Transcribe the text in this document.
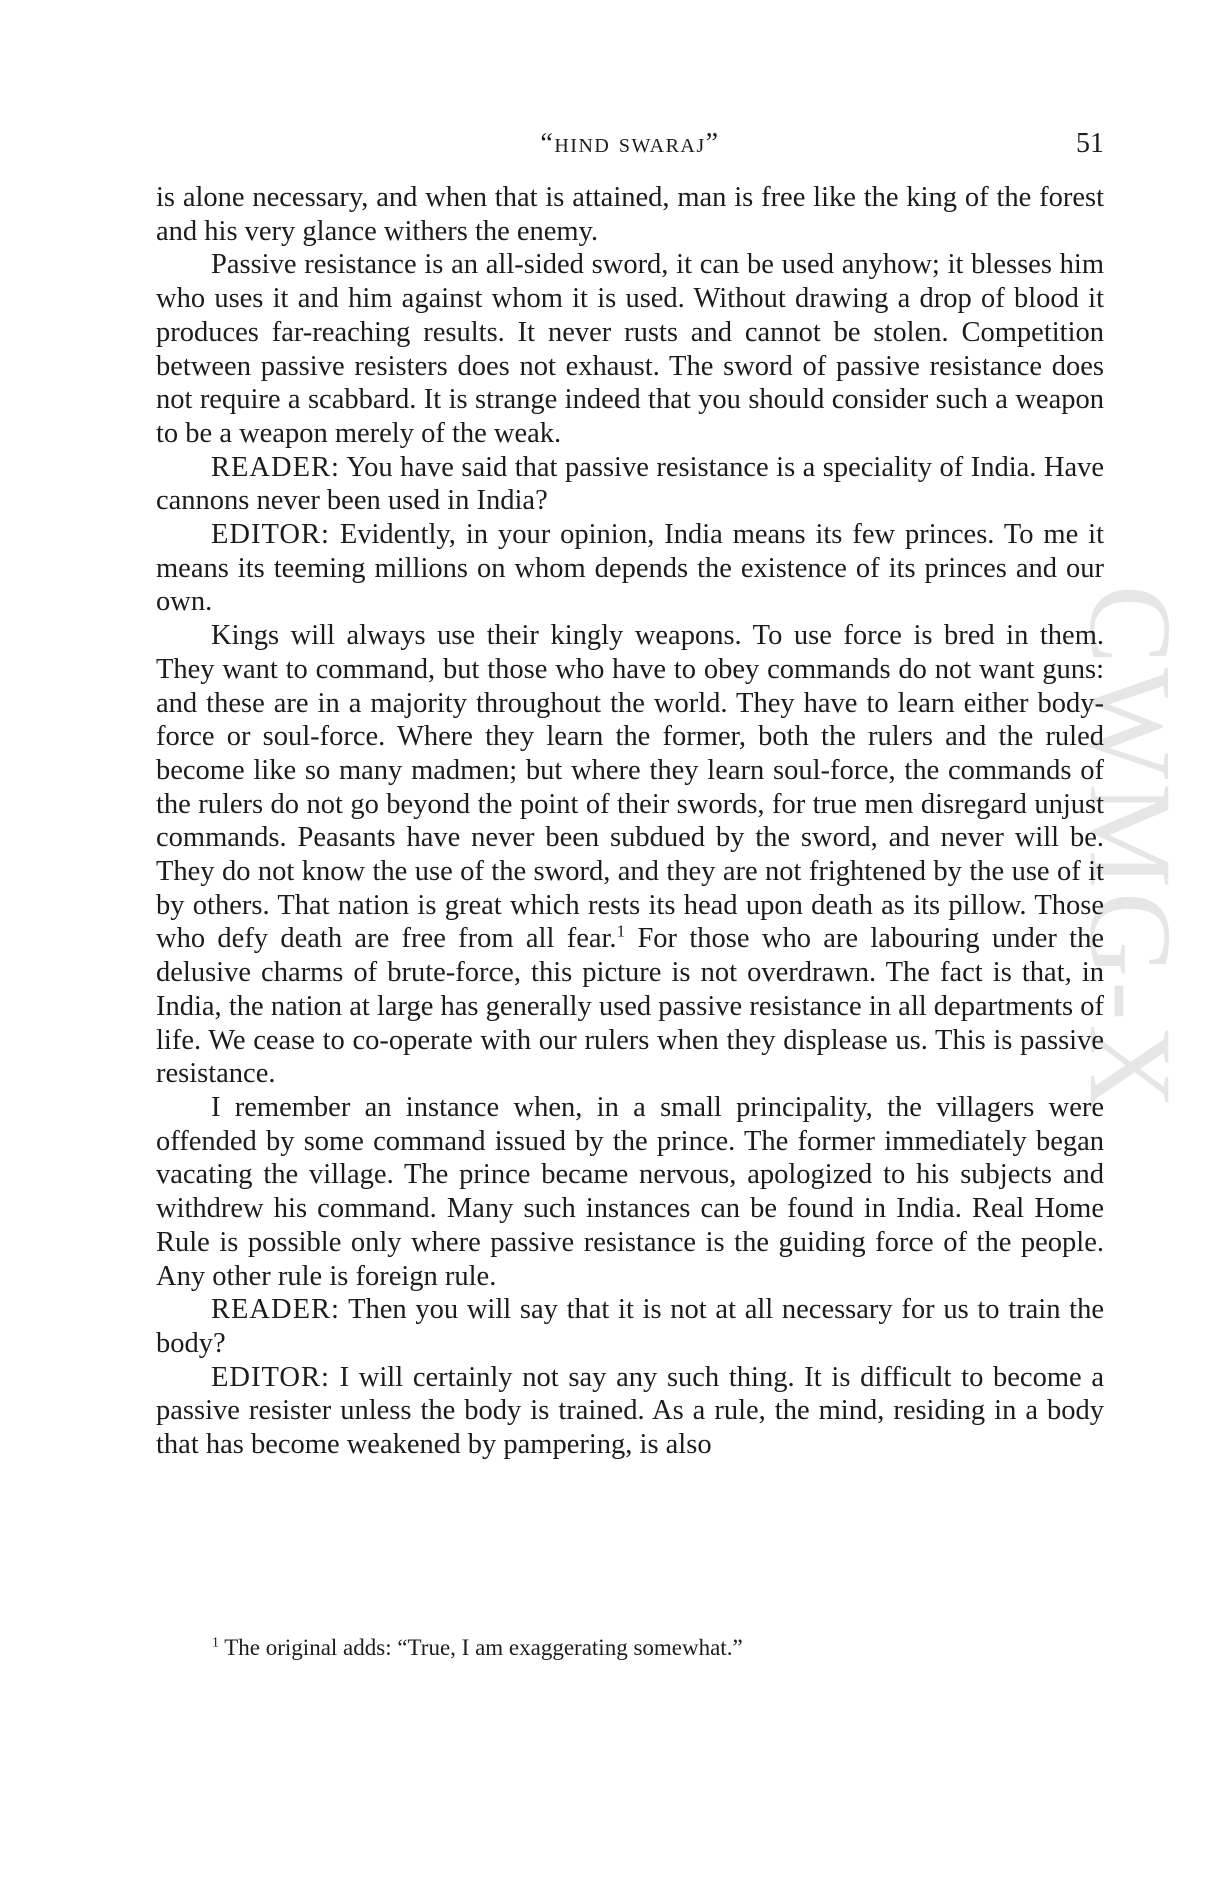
CWMG-X
“hind swaraj”	51

is alone necessary, and when that is attained, man is free like the king of the forest and his very glance withers the enemy.

Passive resistance is an all-sided sword, it can be used anyhow; it blesses him who uses it and him against whom it is used. Without drawing a drop of blood it produces far-reaching results. It never rusts and cannot be stolen. Competition between passive resisters does not exhaust. The sword of passive resistance does not require a scabbard. It is strange indeed that you should consider such a weapon to be a weapon merely of the weak.

READER: You have said that passive resistance is a speciality of India. Have cannons never been used in India?

EDITOR: Evidently, in your opinion, India means its few princes. To me it means its teeming millions on whom depends the existence of its princes and our own.

Kings will always use their kingly weapons. To use force is bred in them. They want to command, but those who have to obey commands do not want guns: and these are in a majority throughout the world. They have to learn either body-force or soul-force. Where they learn the former, both the rulers and the ruled become like so many madmen; but where they learn soul-force, the commands of the rulers do not go beyond the point of their swords, for true men disregard unjust commands. Peasants have never been subdued by the sword, and never will be. They do not know the use of the sword, and they are not frightened by the use of it by others. That nation is great which rests its head upon death as its pillow. Those who defy death are free from all fear.$^1$ For those who are labouring under the delusive charms of brute-force, this picture is not overdrawn. The fact is that, in India, the nation at large has generally used passive resistance in all departments of life. We cease to co-operate with our rulers when they displease us. This is passive resistance.

I remember an instance when, in a small principality, the villagers were offended by some command issued by the prince. The former immediately began vacating the village. The prince became nervous, apologized to his subjects and withdrew his command. Many such instances can be found in India. Real Home Rule is possible only where passive resistance is the guiding force of the people. Any other rule is foreign rule.

READER: Then you will say that it is not at all necessary for us to train the body?

EDITOR: I will certainly not say any such thing. It is difficult to become a passive resister unless the body is trained. As a rule, the mind, residing in a body that has become weakened by pampering, is also

$^1$ The original adds: “True, I am exaggerating somewhat.”
